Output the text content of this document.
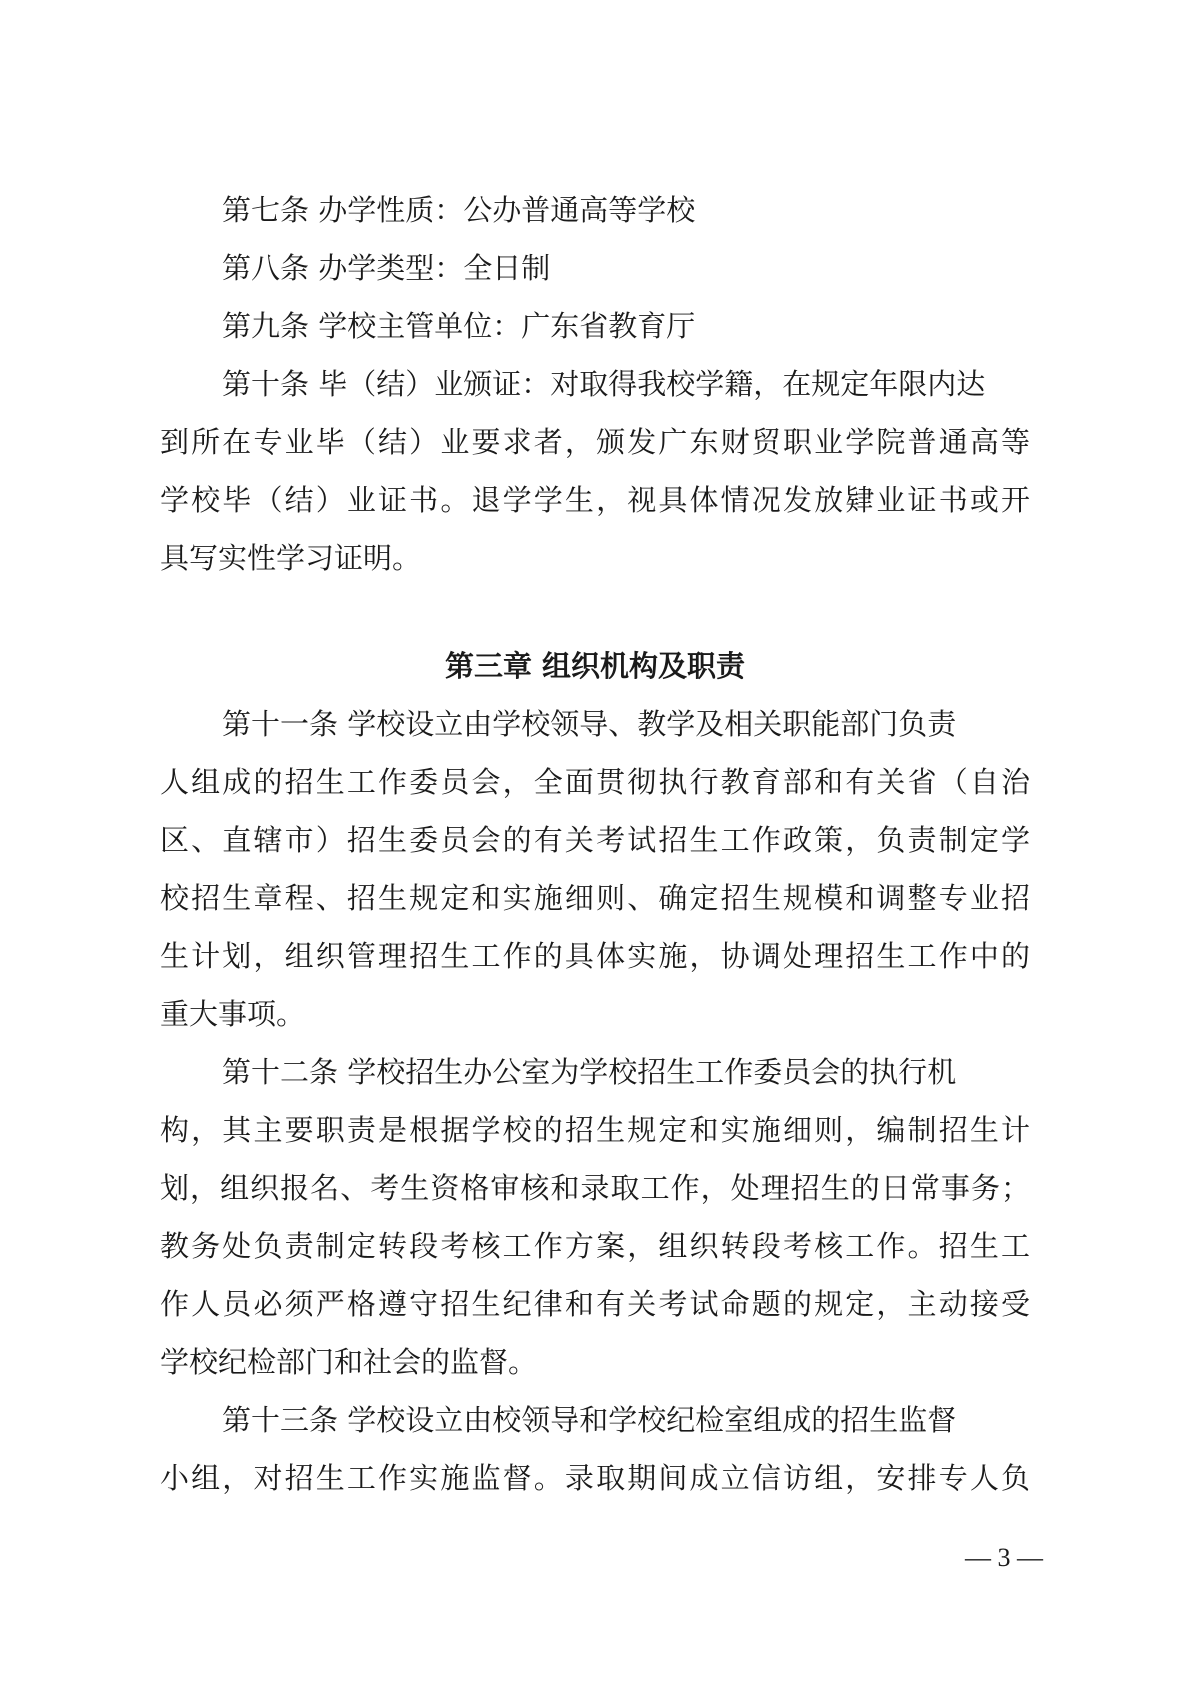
第七条 办学性质：公办普通高等学校
第八条 办学类型：全日制
第九条 学校主管单位：广东省教育厅
第十条 毕（结）业颁证：对取得我校学籍，在规定年限内达
到所在专业毕（结）业要求者，颁发广东财贸职业学院普通高等
学校毕（结）业证书。退学学生，视具体情况发放肄业证书或开
具写实性学习证明。
第三章 组织机构及职责
第十一条 学校设立由学校领导、教学及相关职能部门负责
人组成的招生工作委员会，全面贯彻执行教育部和有关省（自治
区、直辖市）招生委员会的有关考试招生工作政策，负责制定学
校招生章程、招生规定和实施细则、确定招生规模和调整专业招
生计划，组织管理招生工作的具体实施，协调处理招生工作中的
重大事项。
第十二条 学校招生办公室为学校招生工作委员会的执行机
构，其主要职责是根据学校的招生规定和实施细则，编制招生计
划，组织报名、考生资格审核和录取工作，处理招生的日常事务；
教务处负责制定转段考核工作方案，组织转段考核工作。招生工
作人员必须严格遵守招生纪律和有关考试命题的规定，主动接受
学校纪检部门和社会的监督。
第十三条 学校设立由校领导和学校纪检室组成的招生监督
小组，对招生工作实施监督。录取期间成立信访组，安排专人负
— 3 —
